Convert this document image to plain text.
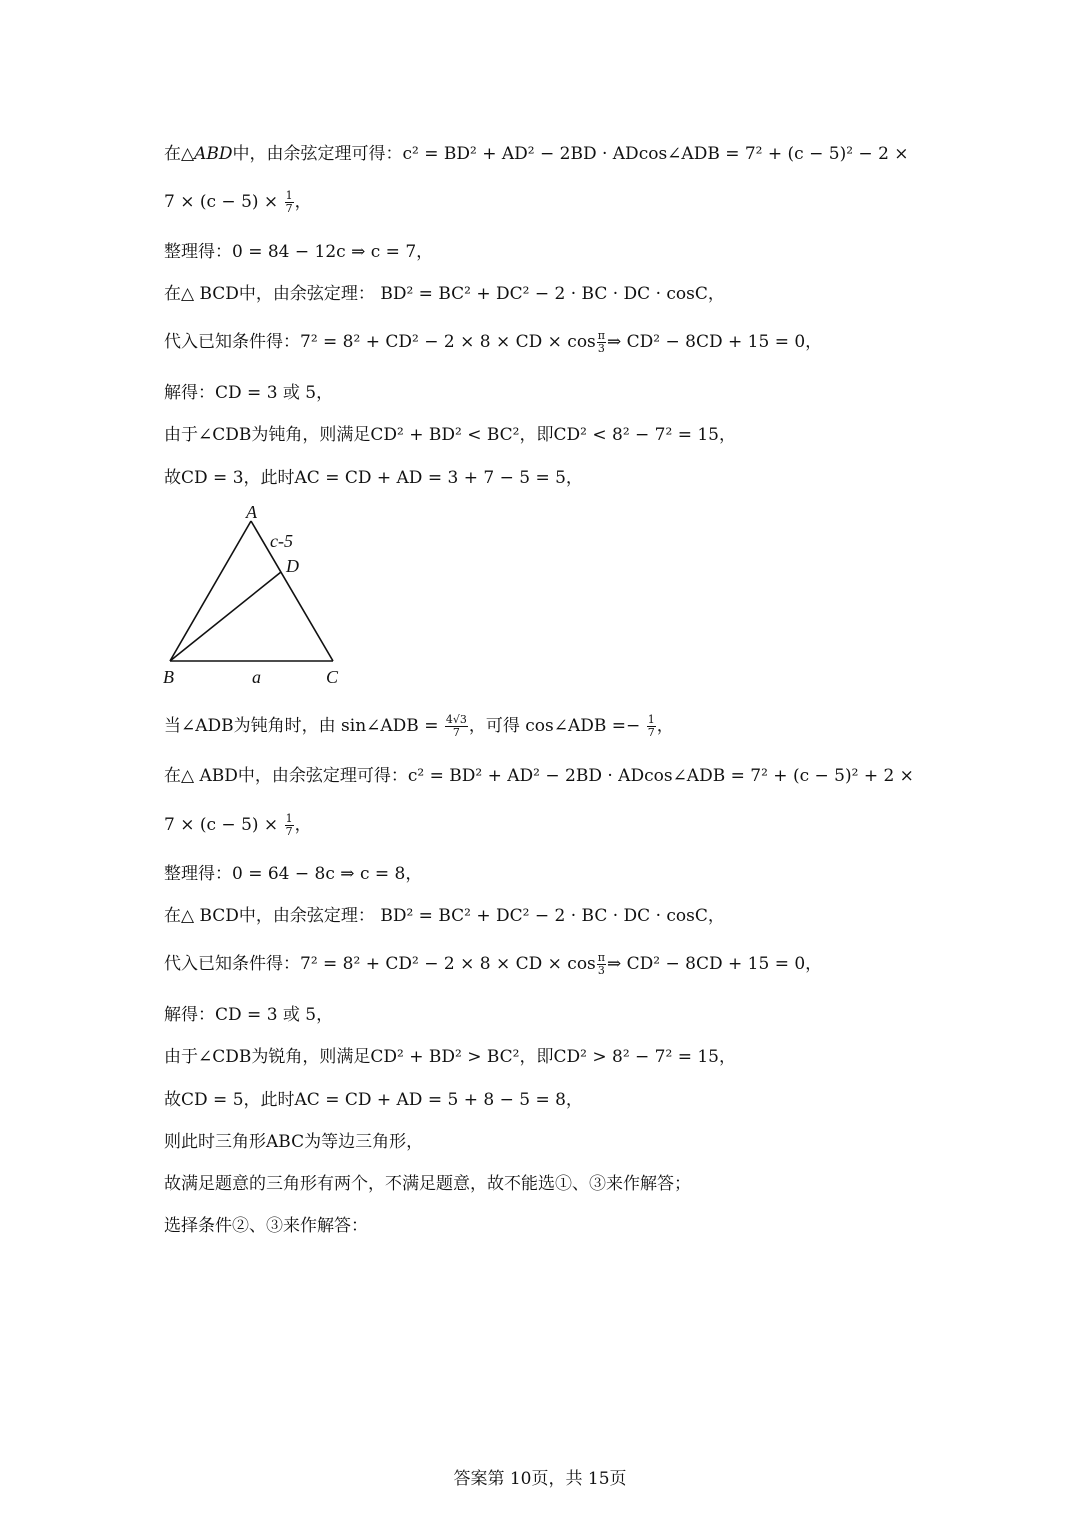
在△ABD中，由余弦定理可得：c² = BD² + AD² − 2BD · ADcos∠ADB = 7² + (c − 5)² − 2 ×
$7 \times (c - 5) \times \frac{1}{7}$ ，
整理得：0 = 84 − 12c ⇒ c = 7，
在△ BCD中，由余弦定理： BD² = BC² + DC² − 2 · BC · DC · cosC，
代入已知条件得：7² = 8² + CD² − 2 × 8 × CD × $\cos \frac{\pi}{3}$ ⇒ CD² − 8CD + 15 = 0，
解得：CD = 3 或 5，
由于∠CDB为钝角，则满足CD² + BD² < BC²，即CD² < 8² − 7² = 15，
故CD = 3，此时AC = CD + AD = 3 + 7 − 5 = 5，
A
B	C
D
c-5
a
当∠ADB为钝角时，由 sin∠ADB = $\frac{4√3}{7}$ ，可得 cos∠ADB =− $\frac{1}{7}$ ，
在△ ABD中，由余弦定理可得：c² = BD² + AD² − 2BD · ADcos∠ADB = 7² + (c − 5)² + 2 ×
$7 \times (c - 5) \times \frac{1}{7}$ ，
整理得：0 = 64 − 8c ⇒ c = 8，
在△ BCD中，由余弦定理： BD² = BC² + DC² − 2 · BC · DC · cosC，
代入已知条件得：7² = 8² + CD² − 2 × 8 × CD × $\cos \frac{\pi}{3}$ ⇒ CD² − 8CD + 15 = 0，
解得：CD = 3 或 5，
由于∠CDB为锐角，则满足CD² + BD² > BC²，即CD² > 8² − 7² = 15，
故CD = 5，此时AC = CD + AD = 5 + 8 − 5 = 8，
则此时三角形ABC为等边三角形，
故满足题意的三角形有两个，不满足题意，故不能选①、③来作解答；
选择条件②、③来作解答：
答案第 10页，共 15页
